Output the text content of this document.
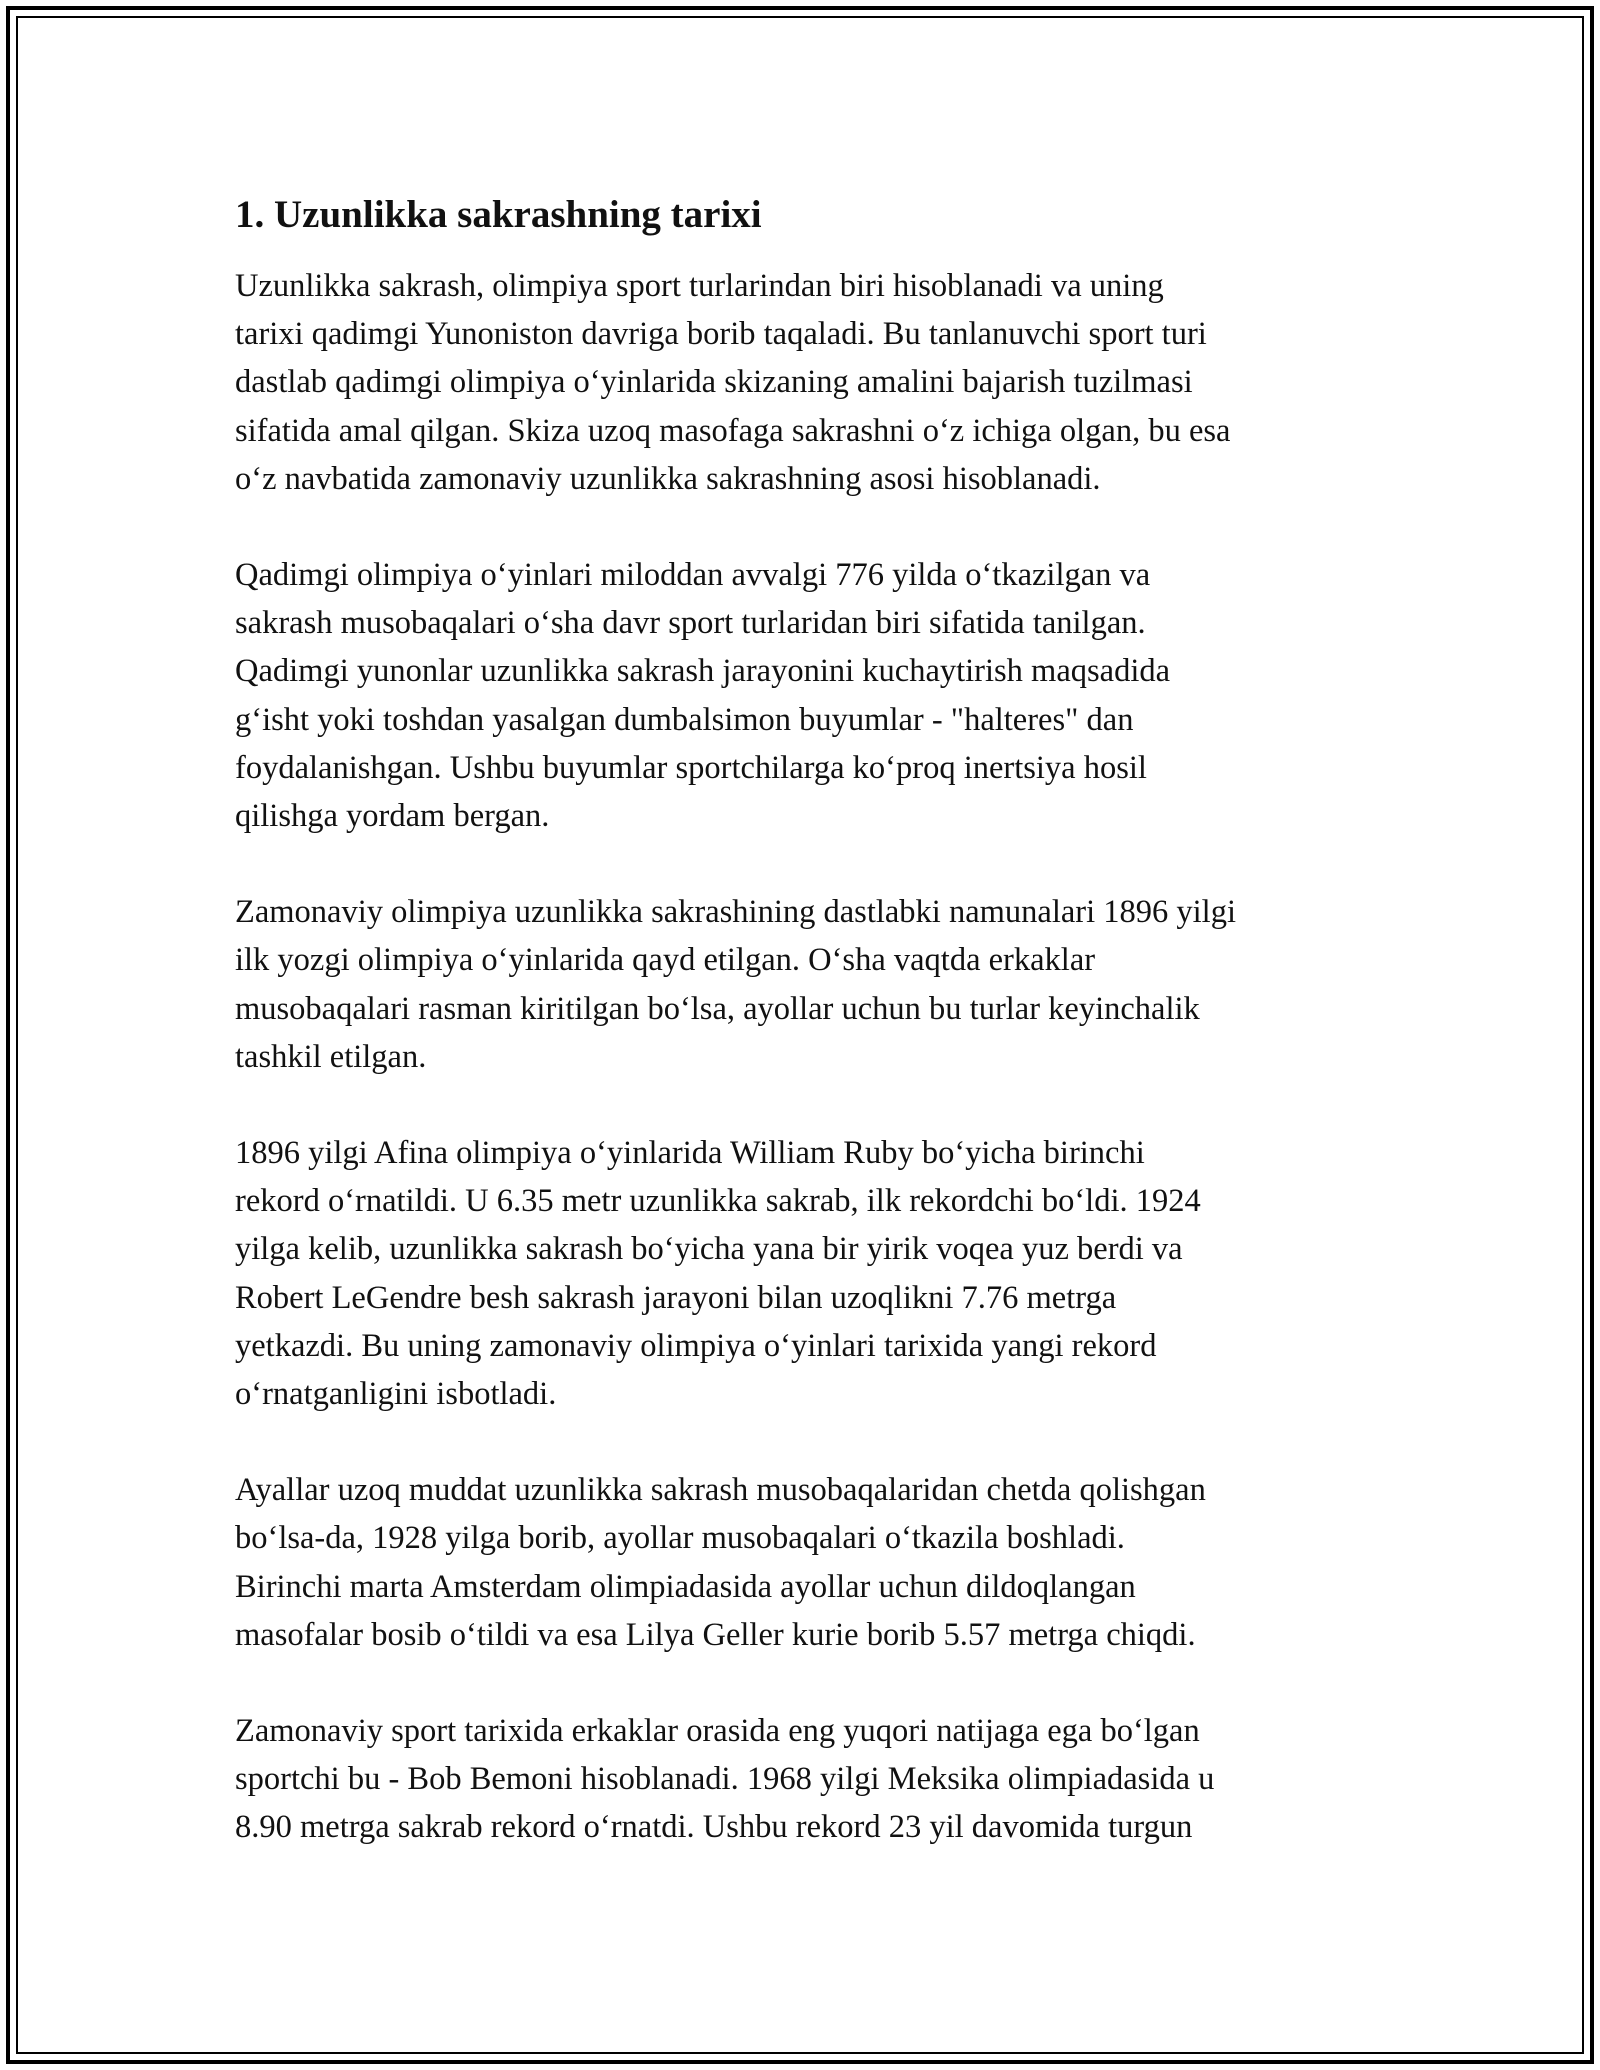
1. Uzunlikka sakrashning tarixi

Uzunlikka sakrash, olimpiya sport turlarindan biri hisoblanadi va uning
tarixi qadimgi Yunoniston davriga borib taqaladi. Bu tanlanuvchi sport turi
dastlab qadimgi olimpiya o‘yinlarida skizaning amalini bajarish tuzilmasi
sifatida amal qilgan. Skiza uzoq masofaga sakrashni o‘z ichiga olgan, bu esa
o‘z navbatida zamonaviy uzunlikka sakrashning asosi hisoblanadi.

Qadimgi olimpiya o‘yinlari miloddan avvalgi 776 yilda o‘tkazilgan va
sakrash musobaqalari o‘sha davr sport turlaridan biri sifatida tanilgan.
Qadimgi yunonlar uzunlikka sakrash jarayonini kuchaytirish maqsadida
g‘isht yoki toshdan yasalgan dumbalsimon buyumlar - "halteres" dan
foydalanishgan. Ushbu buyumlar sportchilarga ko‘proq inertsiya hosil
qilishga yordam bergan.

Zamonaviy olimpiya uzunlikka sakrashining dastlabki namunalari 1896 yilgi
ilk yozgi olimpiya o‘yinlarida qayd etilgan. O‘sha vaqtda erkaklar
musobaqalari rasman kiritilgan bo‘lsa, ayollar uchun bu turlar keyinchalik
tashkil etilgan.

1896 yilgi Afina olimpiya o‘yinlarida William Ruby bo‘yicha birinchi
rekord o‘rnatildi. U 6.35 metr uzunlikka sakrab, ilk rekordchi bo‘ldi. 1924
yilga kelib, uzunlikka sakrash bo‘yicha yana bir yirik voqea yuz berdi va
Robert LeGendre besh sakrash jarayoni bilan uzoqlikni 7.76 metrga
yetkazdi. Bu uning zamonaviy olimpiya o‘yinlari tarixida yangi rekord
o‘rnatganligini isbotladi.

Ayallar uzoq muddat uzunlikka sakrash musobaqalaridan chetda qolishgan
bo‘lsa-da, 1928 yilga borib, ayollar musobaqalari o‘tkazila boshladi.
Birinchi marta Amsterdam olimpiadasida ayollar uchun dildoqlangan
masofalar bosib o‘tildi va esa Lilya Geller kurie borib 5.57 metrga chiqdi.

Zamonaviy sport tarixida erkaklar orasida eng yuqori natijaga ega bo‘lgan
sportchi bu - Bob Bemoni hisoblanadi. 1968 yilgi Meksika olimpiadasida u
8.90 metrga sakrab rekord o‘rnatdi. Ushbu rekord 23 yil davomida turgun
